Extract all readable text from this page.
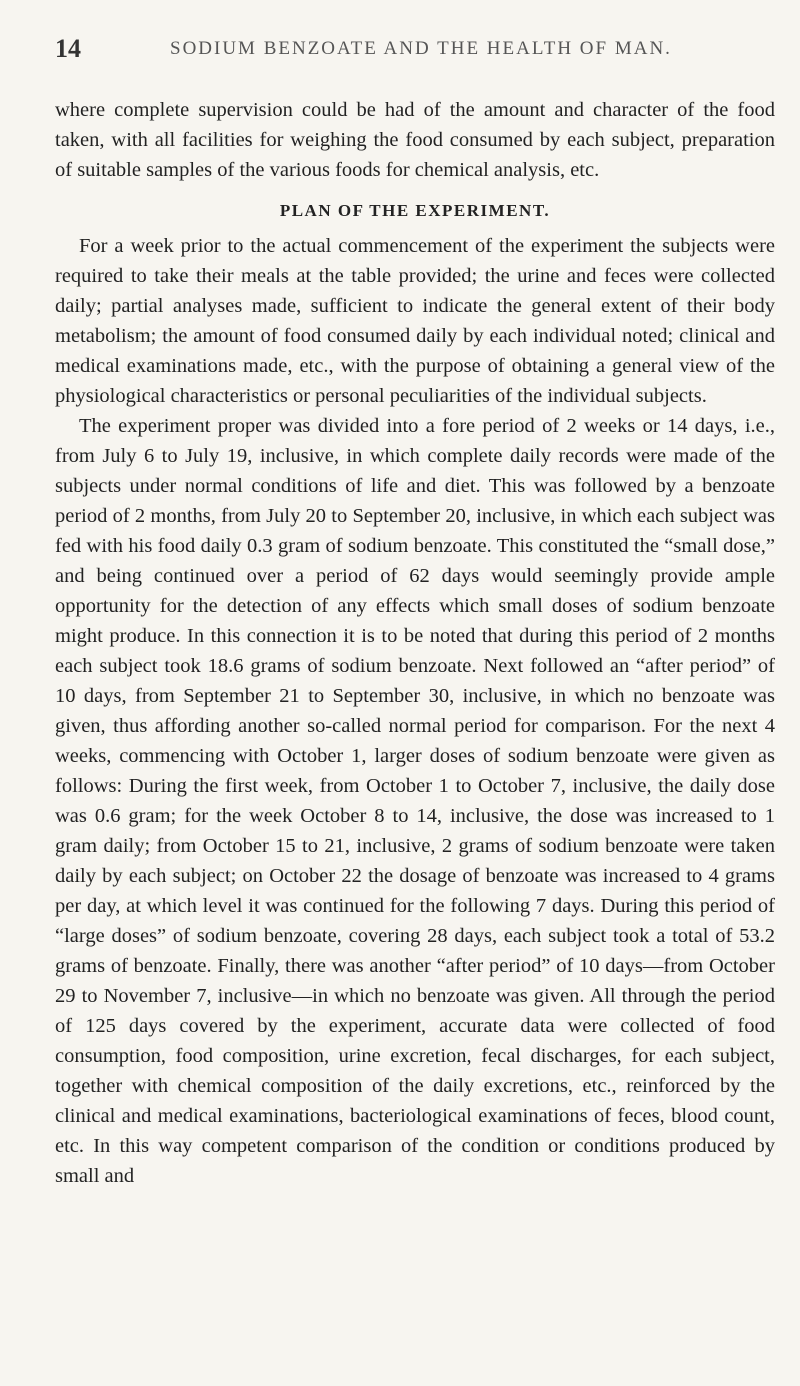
14	SODIUM BENZOATE AND THE HEALTH OF MAN.

where complete supervision could be had of the amount and character of the food taken, with all facilities for weighing the food consumed by each subject, preparation of suitable samples of the various foods for chemical analysis, etc.

PLAN OF THE EXPERIMENT.

For a week prior to the actual commencement of the experiment the subjects were required to take their meals at the table provided; the urine and feces were collected daily; partial analyses made, sufficient to indicate the general extent of their body metabolism; the amount of food consumed daily by each individual noted; clinical and medical examinations made, etc., with the purpose of obtaining a general view of the physiological characteristics or personal peculiarities of the individual subjects.

The experiment proper was divided into a fore period of 2 weeks or 14 days, i.e., from July 6 to July 19, inclusive, in which complete daily records were made of the subjects under normal conditions of life and diet. This was followed by a benzoate period of 2 months, from July 20 to September 20, inclusive, in which each subject was fed with his food daily 0.3 gram of sodium benzoate. This constituted the “small dose,” and being continued over a period of 62 days would seemingly provide ample opportunity for the detection of any effects which small doses of sodium benzoate might produce. In this connection it is to be noted that during this period of 2 months each subject took 18.6 grams of sodium benzoate. Next followed an “after period” of 10 days, from September 21 to September 30, inclusive, in which no benzoate was given, thus affording another so-called normal period for comparison. For the next 4 weeks, commencing with October 1, larger doses of sodium benzoate were given as follows: During the first week, from October 1 to October 7, inclusive, the daily dose was 0.6 gram; for the week October 8 to 14, inclusive, the dose was increased to 1 gram daily; from October 15 to 21, inclusive, 2 grams of sodium benzoate were taken daily by each subject; on October 22 the dosage of benzoate was increased to 4 grams per day, at which level it was continued for the following 7 days. During this period of “large doses” of sodium benzoate, covering 28 days, each subject took a total of 53.2 grams of benzoate. Finally, there was another “after period” of 10 days—from October 29 to November 7, inclusive—in which no benzoate was given. All through the period of 125 days covered by the experiment, accurate data were collected of food consumption, food composition, urine excretion, fecal discharges, for each subject, together with chemical composition of the daily excretions, etc., reinforced by the clinical and medical examinations, bacteriological examinations of feces, blood count, etc. In this way competent comparison of the condition or conditions produced by small and
